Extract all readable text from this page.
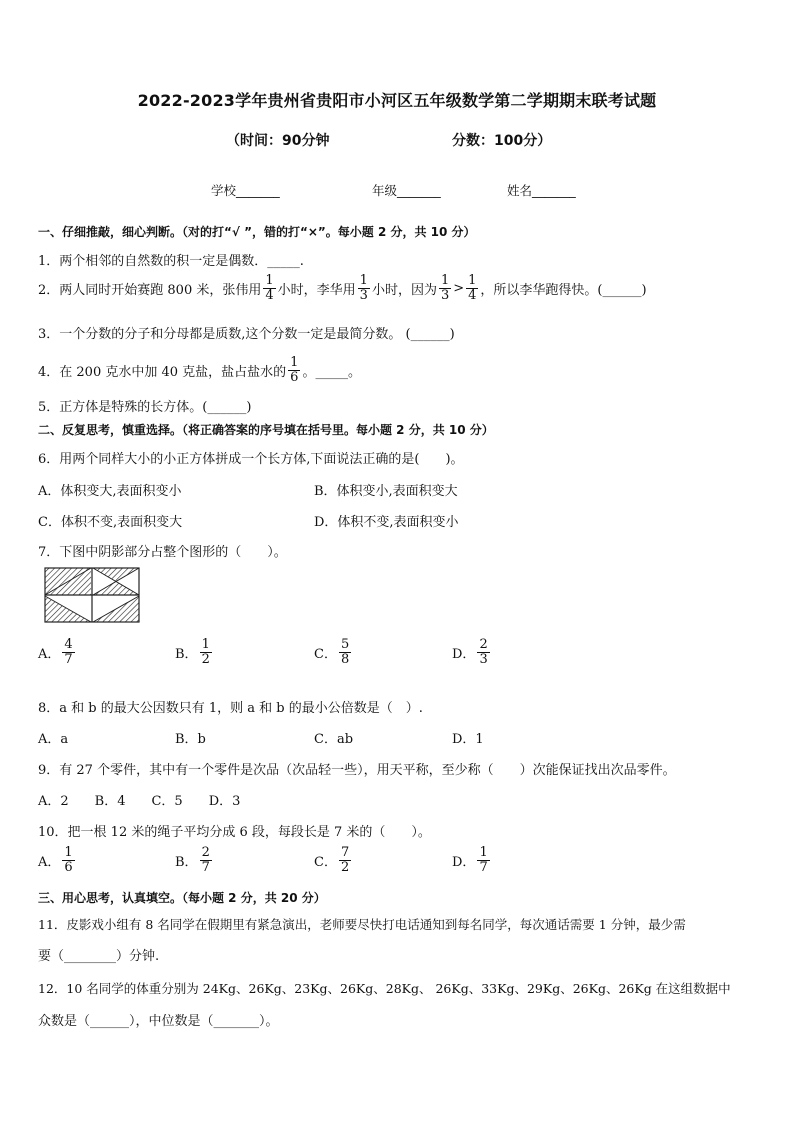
2022-2023学年贵州省贵阳市小河区五年级数学第二学期期末联考试题
（时间：90分钟	分数：100分）
学校_______	年级_______	姓名_______
一、仔细推敲，细心判断。（对的打“√ ”，错的打“×”。每小题 2 分，共 10 分）
1．两个相邻的自然数的积一定是偶数．_____.
2．两人同时开始赛跑 800 米，张伟用 $\frac{1}{4}$ 小时，李华用 $\frac{1}{3}$ 小时，因为 $\frac{1}{3} > \frac{1}{4}$ ，所以李华跑得快。(______)
3．一个分数的分子和分母都是质数,这个分数一定是最简分数。 (______)
4．在 200 克水中加 40 克盐，盐占盐水的 $\frac{1}{6}$ 。_____。
5．正方体是特殊的长方体。(______)
二、反复思考，慎重选择。（将正确答案的序号填在括号里。每小题 2 分，共 10 分）
6．用两个同样大小的小正方体拼成一个长方体,下面说法正确的是(　　)。
A．体积变大,表面积变小	B．体积变小,表面积变大
C．体积不变,表面积变大	D．体积不变,表面积变小
7．下图中阴影部分占整个图形的（　　）。
A． $\frac{4}{7}$	B． $\frac{1}{2}$	C． $\frac{5}{8}$	D． $\frac{2}{3}$
8．a 和 b 的最大公因数只有 1，则 a 和 b 的最小公倍数是（　）.
A．a	B．b	C．ab	D．1
9．有 27 个零件，其中有一个零件是次品（次品轻一些），用天平称，至少称（　　）次能保证找出次品零件。
A．2　　B．4　　C．5　　D．3
10．把一根 12 米的绳子平均分成 6 段，每段长是 7 米的（　　）。
A． $\frac{1}{6}$	B． $\frac{2}{7}$	C． $\frac{7}{2}$	D． $\frac{1}{7}$
三、用心思考，认真填空。（每小题 2 分，共 20 分）
11．皮影戏小组有 8 名同学在假期里有紧急演出，老师要尽快打电话通知到每名同学，每次通话需要 1 分钟，最少需
要（________）分钟.
12．10 名同学的体重分别为 24Kg、26Kg、23Kg、26Kg、28Kg、 26Kg、33Kg、29Kg、26Kg、26Kg 在这组数据中
众数是（______），中位数是（_______）。
